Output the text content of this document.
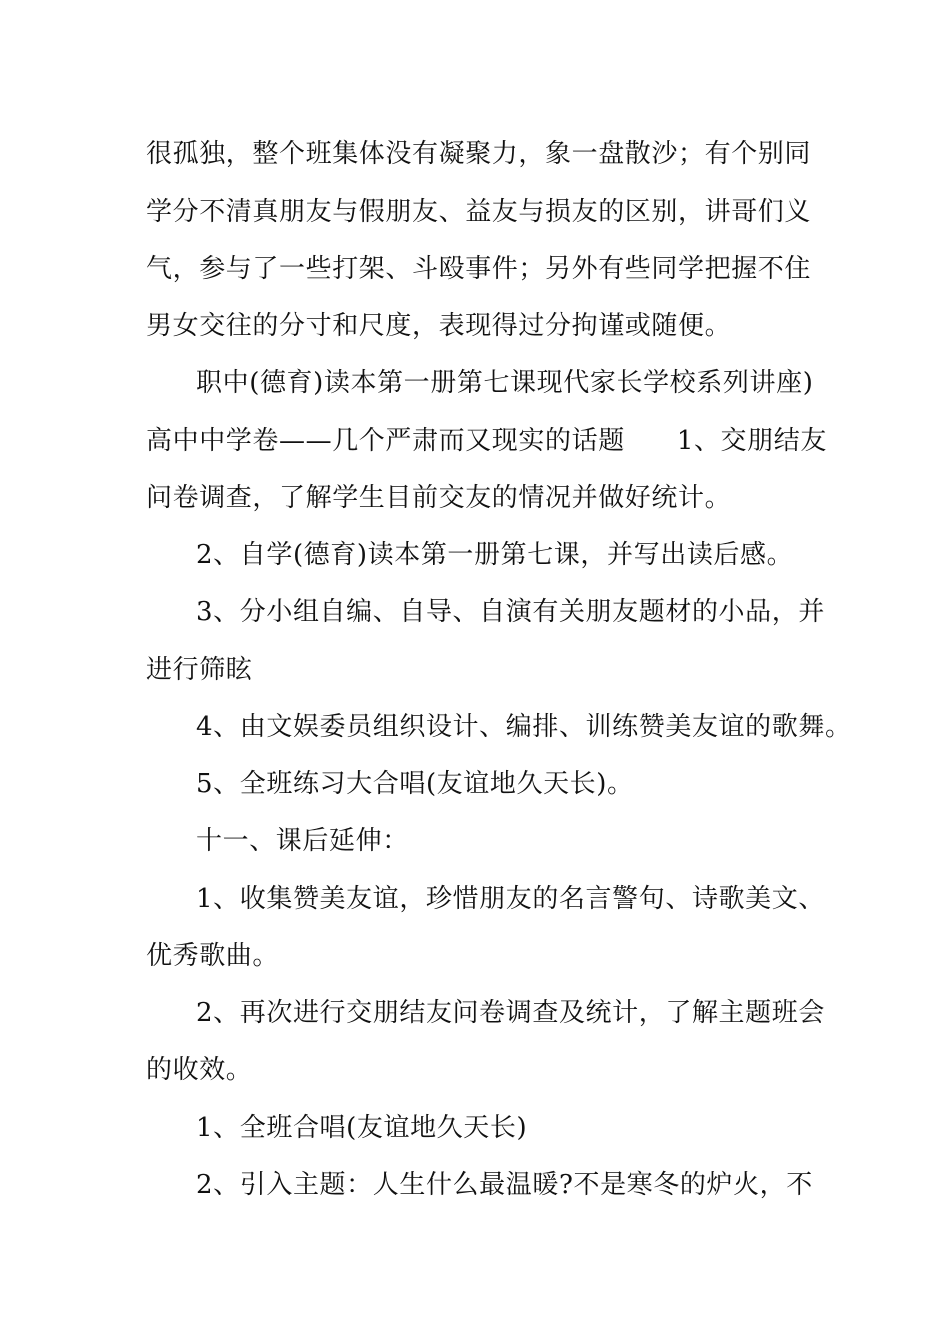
很孤独，整个班集体没有凝聚力，象一盘散沙；有个别同
学分不清真朋友与假朋友、益友与损友的区别，讲哥们义
气，参与了一些打架、斗殴事件；另外有些同学把握不住
男女交往的分寸和尺度，表现得过分拘谨或随便。
职中(德育)读本第一册第七课现代家长学校系列讲座)
高中中学卷——几个严肃而又现实的话题 1、交朋结友
问卷调查，了解学生目前交友的情况并做好统计。
2、自学(德育)读本第一册第七课，并写出读后感。
3、分小组自编、自导、自演有关朋友题材的小品，并
进行筛眩
4、由文娱委员组织设计、编排、训练赞美友谊的歌舞。
5、全班练习大合唱(友谊地久天长)。
十一、课后延伸：
1、收集赞美友谊，珍惜朋友的名言警句、诗歌美文、
优秀歌曲。
2、再次进行交朋结友问卷调查及统计，了解主题班会
的收效。
1、全班合唱(友谊地久天长)
2、引入主题：人生什么最温暖?不是寒冬的炉火，不
